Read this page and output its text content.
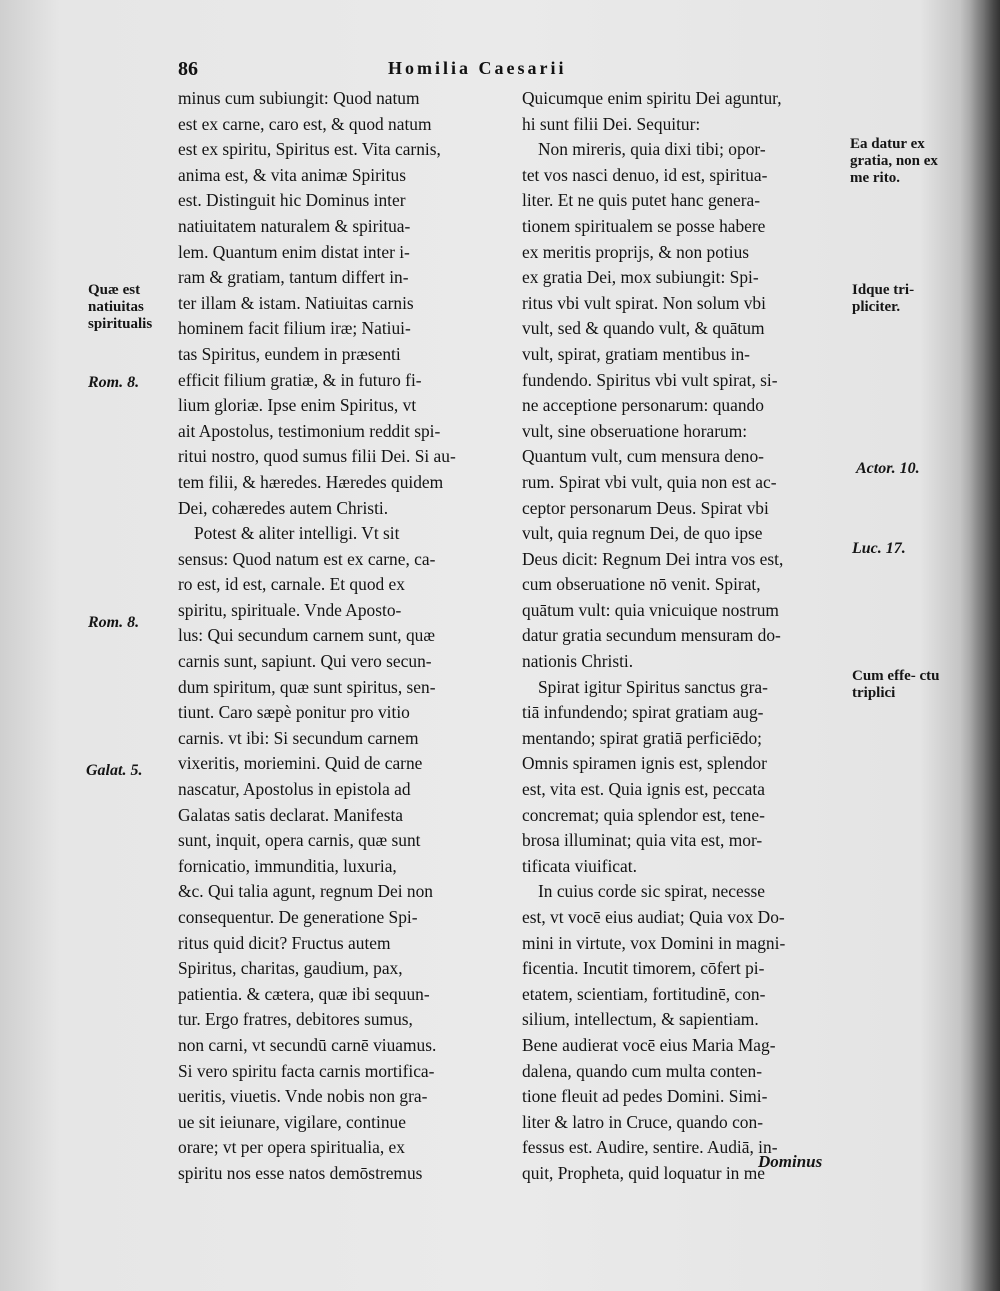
86	Homilia Caesarii
minus cum subiungit: Quod natum
est ex carne, caro est, & quod natum
est ex spiritu, Spiritus est. Vita carnis,
anima est, & vita animæ Spiritus
est. Distinguit hic Dominus inter
natiuitatem naturalem & spiritua-
lem. Quantum enim distat inter i-
ram & gratiam, tantum differt in-
ter illam & istam. Natiuitas carnis
hominem facit filium iræ; Natiui-
tas Spiritus, eundem in præsenti
efficit filium gratiæ, & in futuro fi-
lium gloriæ. Ipse enim Spiritus, vt
ait Apostolus, testimonium reddit spi-
ritui nostro, quod sumus filii Dei. Si au-
tem filii, & hæredes. Hæredes quidem
Dei, cohæredes autem Christi.
Potest & aliter intelligi. Vt sit
sensus: Quod natum est ex carne, ca-
ro est, id est, carnale. Et quod ex
spiritu, spirituale. Vnde Aposto-
lus: Qui secundum carnem sunt, quæ
carnis sunt, sapiunt. Qui vero secun-
dum spiritum, quæ sunt spiritus, sen-
tiunt. Caro sæpè ponitur pro vitio
carnis. vt ibi: Si secundum carnem
vixeritis, moriemini. Quid de carne
nascatur, Apostolus in epistola ad
Galatas satis declarat. Manifesta
sunt, inquit, opera carnis, quæ sunt
fornicatio, immunditia, luxuria,
&c. Qui talia agunt, regnum Dei non
consequentur. De generatione Spi-
ritus quid dicit? Fructus autem
Spiritus, charitas, gaudium, pax,
patientia. & cætera, quæ ibi sequun-
tur. Ergo fratres, debitores sumus,
non carni, vt secundū carnē viuamus.
Si vero spiritu facta carnis mortifica-
ueritis, viuetis. Vnde nobis non gra-
ue sit ieiunare, vigilare, continue
orare; vt per opera spiritualia, ex
spiritu nos esse natos demōstremus
Quicumque enim spiritu Dei aguntur,
hi sunt filii Dei. Sequitur:
Non mireris, quia dixi tibi; opor-
tet vos nasci denuo, id est, spiritua-
liter. Et ne quis putet hanc genera-
tionem spiritualem se posse habere
ex meritis proprijs, & non potius
ex gratia Dei, mox subiungit: Spi-
ritus vbi vult spirat. Non solum vbi
vult, sed & quando vult, & quātum
vult, spirat, gratiam mentibus in-
fundendo. Spiritus vbi vult spirat, si-
ne acceptione personarum: quando
vult, sine obseruatione horarum:
Quantum vult, cum mensura deno-
rum. Spirat vbi vult, quia non est ac-
ceptor personarum Deus. Spirat vbi
vult, quia regnum Dei, de quo ipse
Deus dicit: Regnum Dei intra vos est,
cum obseruatione nō venit. Spirat,
quātum vult: quia vnicuique nostrum
datur gratia secundum mensuram do-
nationis Christi.
Spirat igitur Spiritus sanctus gra-
tiā infundendo; spirat gratiam aug-
mentando; spirat gratiā perficiēdo;
Omnis spiramen ignis est, splendor
est, vita est. Quia ignis est, peccata
concremat; quia splendor est, tene-
brosa illuminat; quia vita est, mor-
tificata viuificat.
In cuius corde sic spirat, necesse
est, vt vocē eius audiat; Quia vox Do-
mini in virtute, vox Domini in magni-
ficentia. Incutit timorem, cōfert pi-
etatem, scientiam, fortitudinē, con-
silium, intellectum, & sapientiam.
Bene audierat vocē eius Maria Mag-
dalena, quando cum multa conten-
tione fleuit ad pedes Domini. Simi-
liter & latro in Cruce, quando con-
fessus est. Audire, sentire. Audiā, in-
quit, Propheta, quid loquatur in me
Quæ est natiuitas spiritualis
Rom. 8.
Rom. 8.
Galat. 5.
Ea datur ex gratia, non ex me rito.
Idque tri- pliciter.
Actor. 10.
Luc. 17.
Cum effe- ctu triplici
Dominus
